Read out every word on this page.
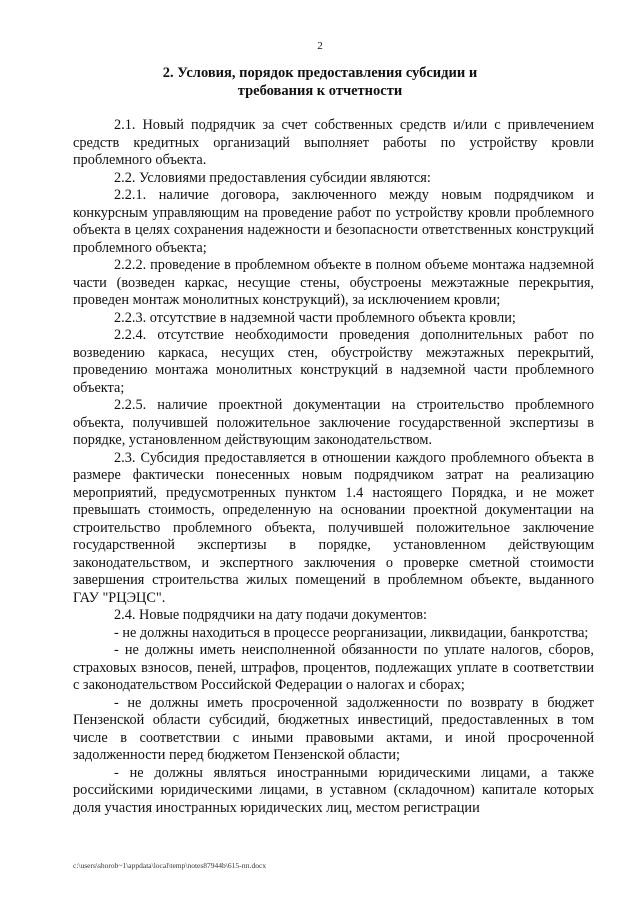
2
2. Условия, порядок предоставления субсидии и
требования к отчетности

2.1. Новый подрядчик за счет собственных средств и/или с привлечением средств кредитных организаций выполняет работы по устройству кровли проблемного объекта.

2.2. Условиями предоставления субсидии являются:

2.2.1. наличие договора, заключенного между новым подрядчиком и конкурсным управляющим на проведение работ по устройству кровли проблемного объекта в целях сохранения надежности и безопасности ответственных конструкций проблемного объекта;

2.2.2. проведение в проблемном объекте в полном объеме монтажа надземной части (возведен каркас, несущие стены, обустроены межэтажные перекрытия, проведен монтаж монолитных конструкций), за исключением кровли;

2.2.3. отсутствие в надземной части проблемного объекта кровли;

2.2.4. отсутствие необходимости проведения дополнительных работ по возведению каркаса, несущих стен, обустройству межэтажных перекрытий, проведению монтажа монолитных конструкций в надземной части проблемного объекта;

2.2.5. наличие проектной документации на строительство проблемного объекта, получившей положительное заключение государственной экспертизы в порядке, установленном действующим законодательством.

2.3. Субсидия предоставляется в отношении каждого проблемного объекта в размере фактически понесенных новым подрядчиком затрат на реализацию мероприятий, предусмотренных пунктом 1.4 настоящего Порядка, и не может превышать стоимость, определенную на основании проектной документации на строительство проблемного объекта, получившей положительное заключение государственной экспертизы в порядке, установленном действующим законодательством, и экспертного заключения о проверке сметной стоимости завершения строительства жилых помещений в проблемном объекте, выданного ГАУ "РЦЭЦС".

2.4. Новые подрядчики на дату подачи документов:

- не должны находиться в процессе реорганизации, ликвидации, банкротства;

- не должны иметь неисполненной обязанности по уплате налогов, сборов, страховых взносов, пеней, штрафов, процентов, подлежащих уплате в соответствии с законодательством Российской Федерации о налогах и сборах;

- не должны иметь просроченной задолженности по возврату в бюджет Пензенской области субсидий, бюджетных инвестиций, предоставленных в том числе в соответствии с иными правовыми актами, и иной просроченной задолженности перед бюджетом Пензенской области;

- не должны являться иностранными юридическими лицами, а также российскими юридическими лицами, в уставном (складочном) капитале которых доля участия иностранных юридических лиц, местом регистрации

c:\users\shorob~1\appdata\local\temp\notes87944b\615-пп.docx
